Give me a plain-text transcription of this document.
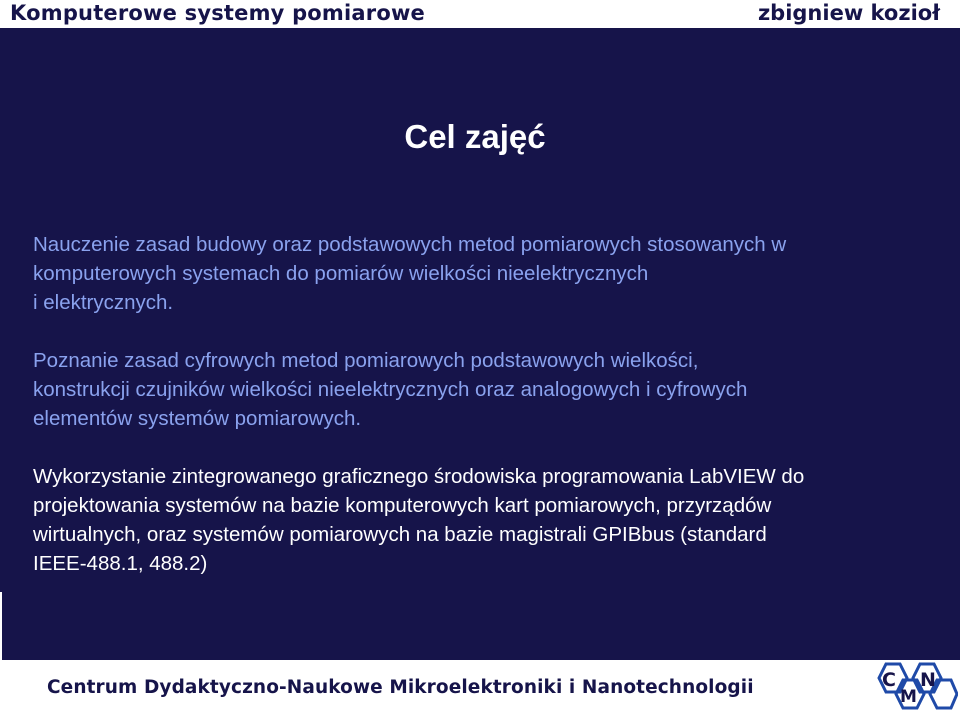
Komputerowe systemy pomiarowe	zbigniew kozioł
Cel zajęć
Nauczenie zasad budowy oraz podstawowych metod pomiarowych stosowanych w
komputerowych systemach do pomiarów wielkości nieelektrycznych
i elektrycznych.
Poznanie zasad cyfrowych metod pomiarowych podstawowych wielkości,
konstrukcji czujników wielkości nieelektrycznych oraz analogowych i cyfrowych
elementów systemów pomiarowych.
Wykorzystanie zintegrowanego graficznego środowiska programowania LabVIEW do
projektowania systemów na bazie komputerowych kart pomiarowych, przyrządów
wirtualnych, oraz systemów pomiarowych na bazie magistrali GPIBbus (standard
IEEE-488.1, 488.2)
Centrum Dydaktyczno-Naukowe Mikroelektroniki i Nanotechnologii	C
M
N
